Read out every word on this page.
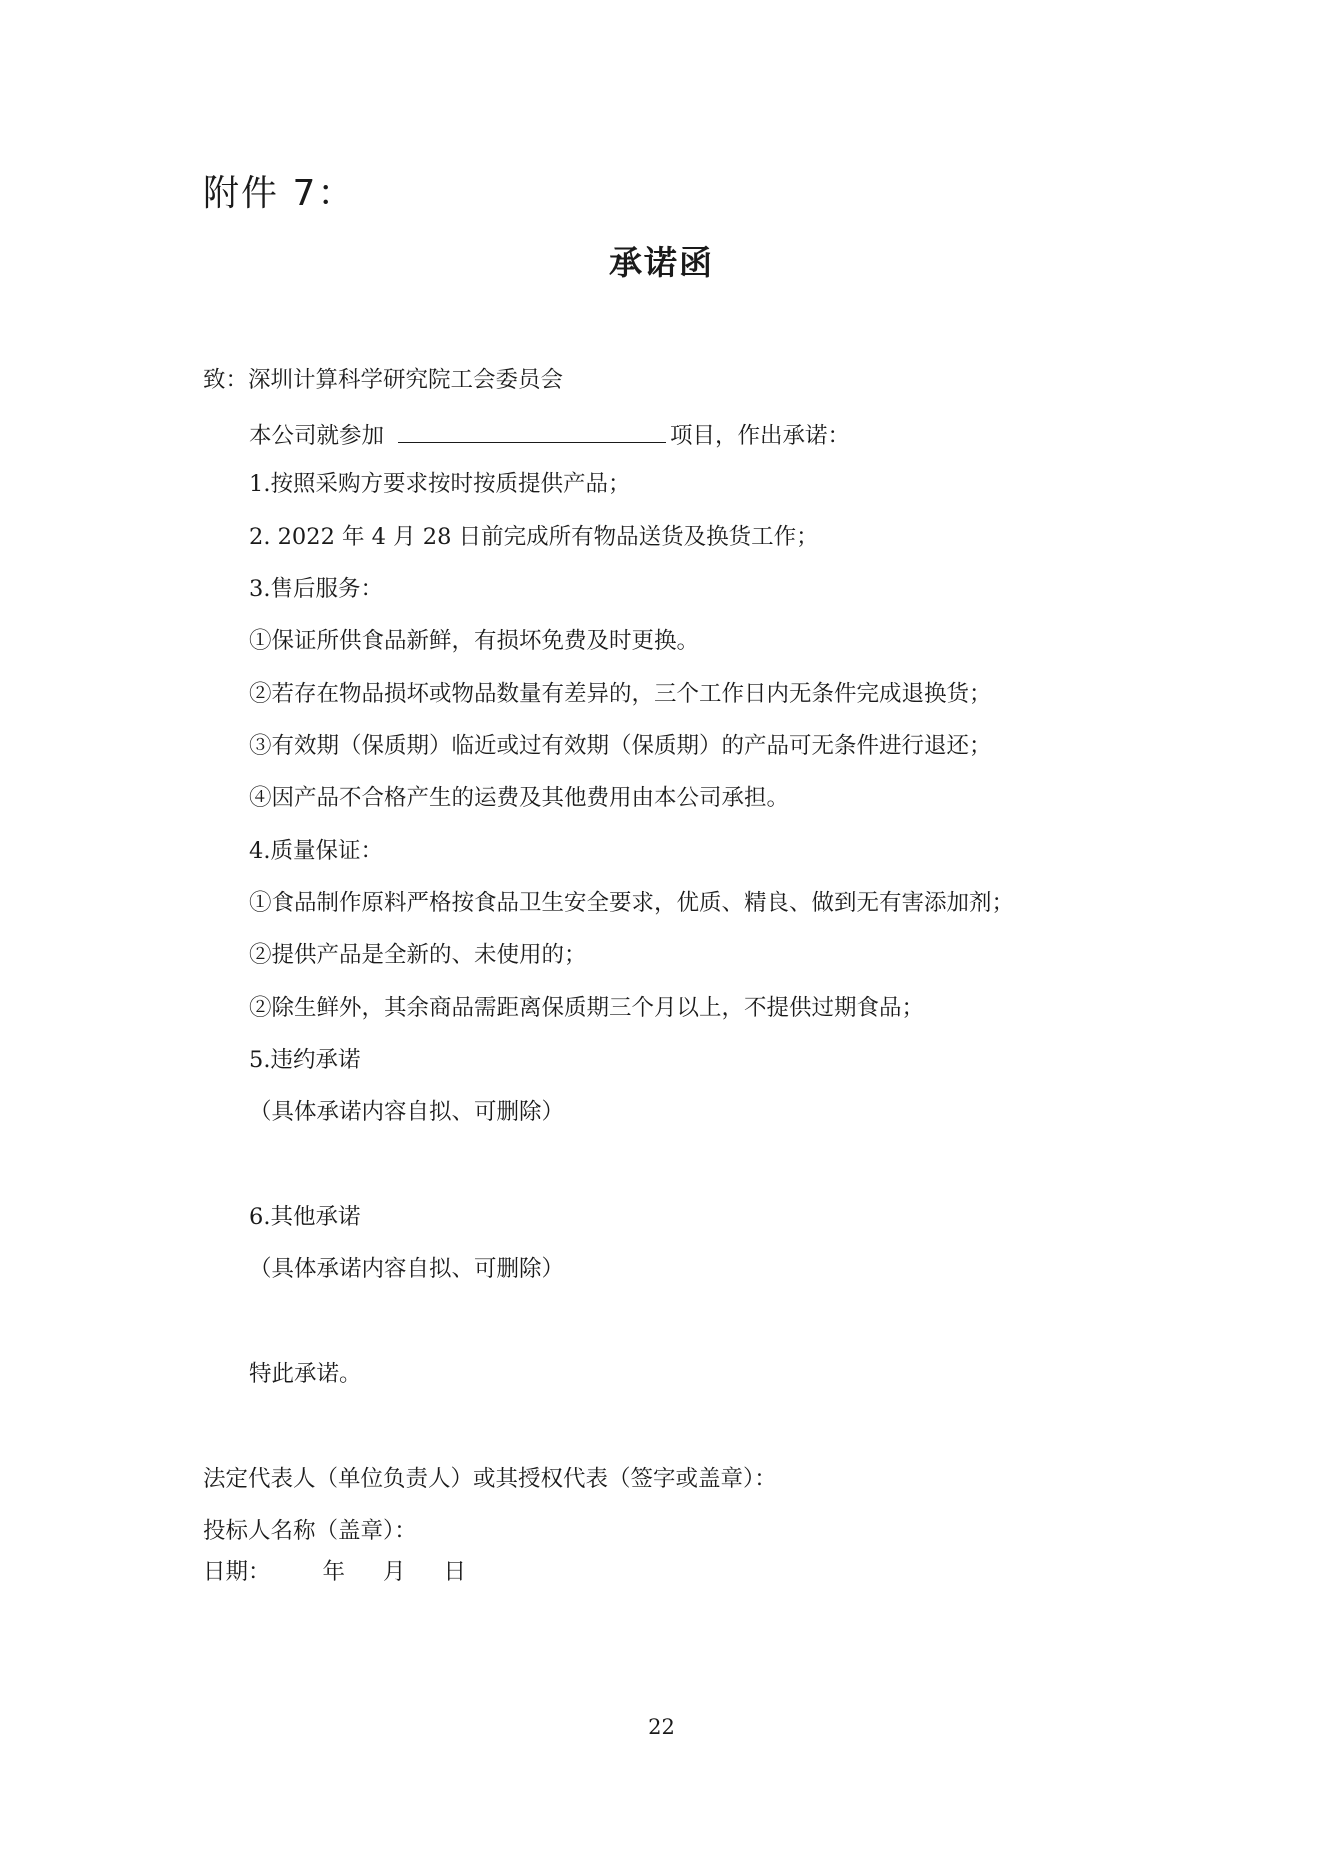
附件 7：
承诺函
致：深圳计算科学研究院工会委员会
本公司就参加	项目，作出承诺：
1.按照采购方要求按时按质提供产品；
2. 2022 年 4 月 28 日前完成所有物品送货及换货工作；
3.售后服务：
①保证所供食品新鲜，有损坏免费及时更换。
②若存在物品损坏或物品数量有差异的，三个工作日内无条件完成退换货；
③有效期（保质期）临近或过有效期（保质期）的产品可无条件进行退还；
④因产品不合格产生的运费及其他费用由本公司承担。
4.质量保证：
①食品制作原料严格按食品卫生安全要求，优质、精良、做到无有害添加剂；
②提供产品是全新的、未使用的；
②除生鲜外，其余商品需距离保质期三个月以上，不提供过期食品；
5.违约承诺
（具体承诺内容自拟、可删除）
6.其他承诺
（具体承诺内容自拟、可删除）
特此承诺。
法定代表人（单位负责人）或其授权代表（签字或盖章）：
投标人名称（盖章）：
日期： 年 月 日
22
